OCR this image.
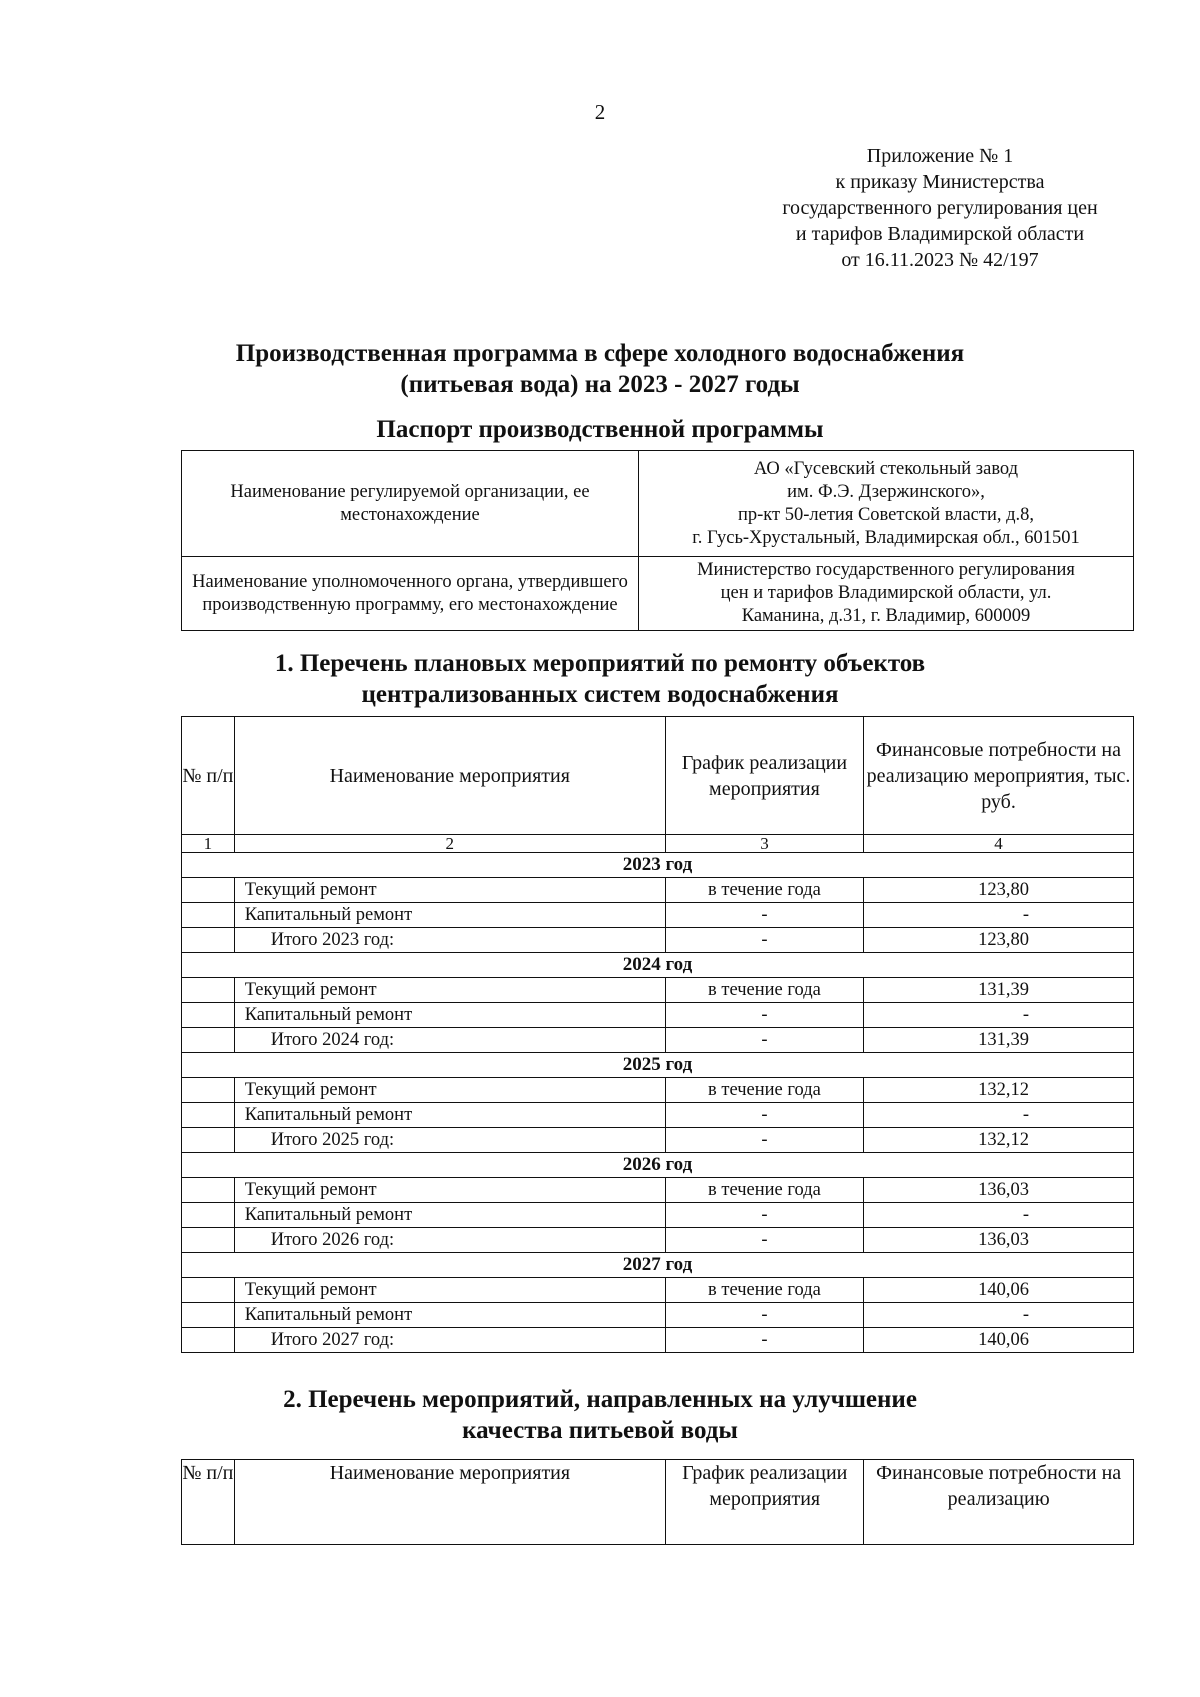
2
Приложение № 1
к приказу Министерства
государственного регулирования цен
и тарифов Владимирской области
от 16.11.2023 № 42/197
Производственная программа в сфере холодного водоснабжения
(питьевая вода) на 2023 - 2027 годы
Паспорт производственной программы
Наименование регулируемой организации, ее местонахождение	АО «Гусевский стекольный завод
им. Ф.Э. Дзержинского»,
пр-кт 50-летия Советской власти, д.8,
г. Гусь-Хрустальный, Владимирская обл., 601501

Наименование уполномоченного органа, утвердившего производственную программу, его местонахождение	Министерство государственного регулирования
цен и тарифов Владимирской области, ул.
Каманина, д.31, г. Владимир, 600009
1. Перечень плановых мероприятий по ремонту объектов
централизованных систем водоснабжения
№ п/п	Наименование мероприятия	График реализации мероприятия	Финансовые потребности на реализацию мероприятия, тыс. руб.
1	2	3	4
2023 год			
	Текущий ремонт	в течение года	123,80
	Капитальный ремонт	-	-
	Итого 2023 год:	-	123,80
2024 год			
	Текущий ремонт	в течение года	131,39
	Капитальный ремонт	-	-
	Итого 2024 год:	-	131,39
2025 год			
	Текущий ремонт	в течение года	132,12
	Капитальный ремонт	-	-
	Итого 2025 год:	-	132,12
2026 год			
	Текущий ремонт	в течение года	136,03
	Капитальный ремонт	-	-
	Итого 2026 год:	-	136,03
2027 год			
	Текущий ремонт	в течение года	140,06
	Капитальный ремонт	-	-
	Итого 2027 год:	-	140,06
2. Перечень мероприятий, направленных на улучшение
качества питьевой воды
№ п/п	Наименование мероприятия	График реализации мероприятия	Финансовые потребности на реализацию
